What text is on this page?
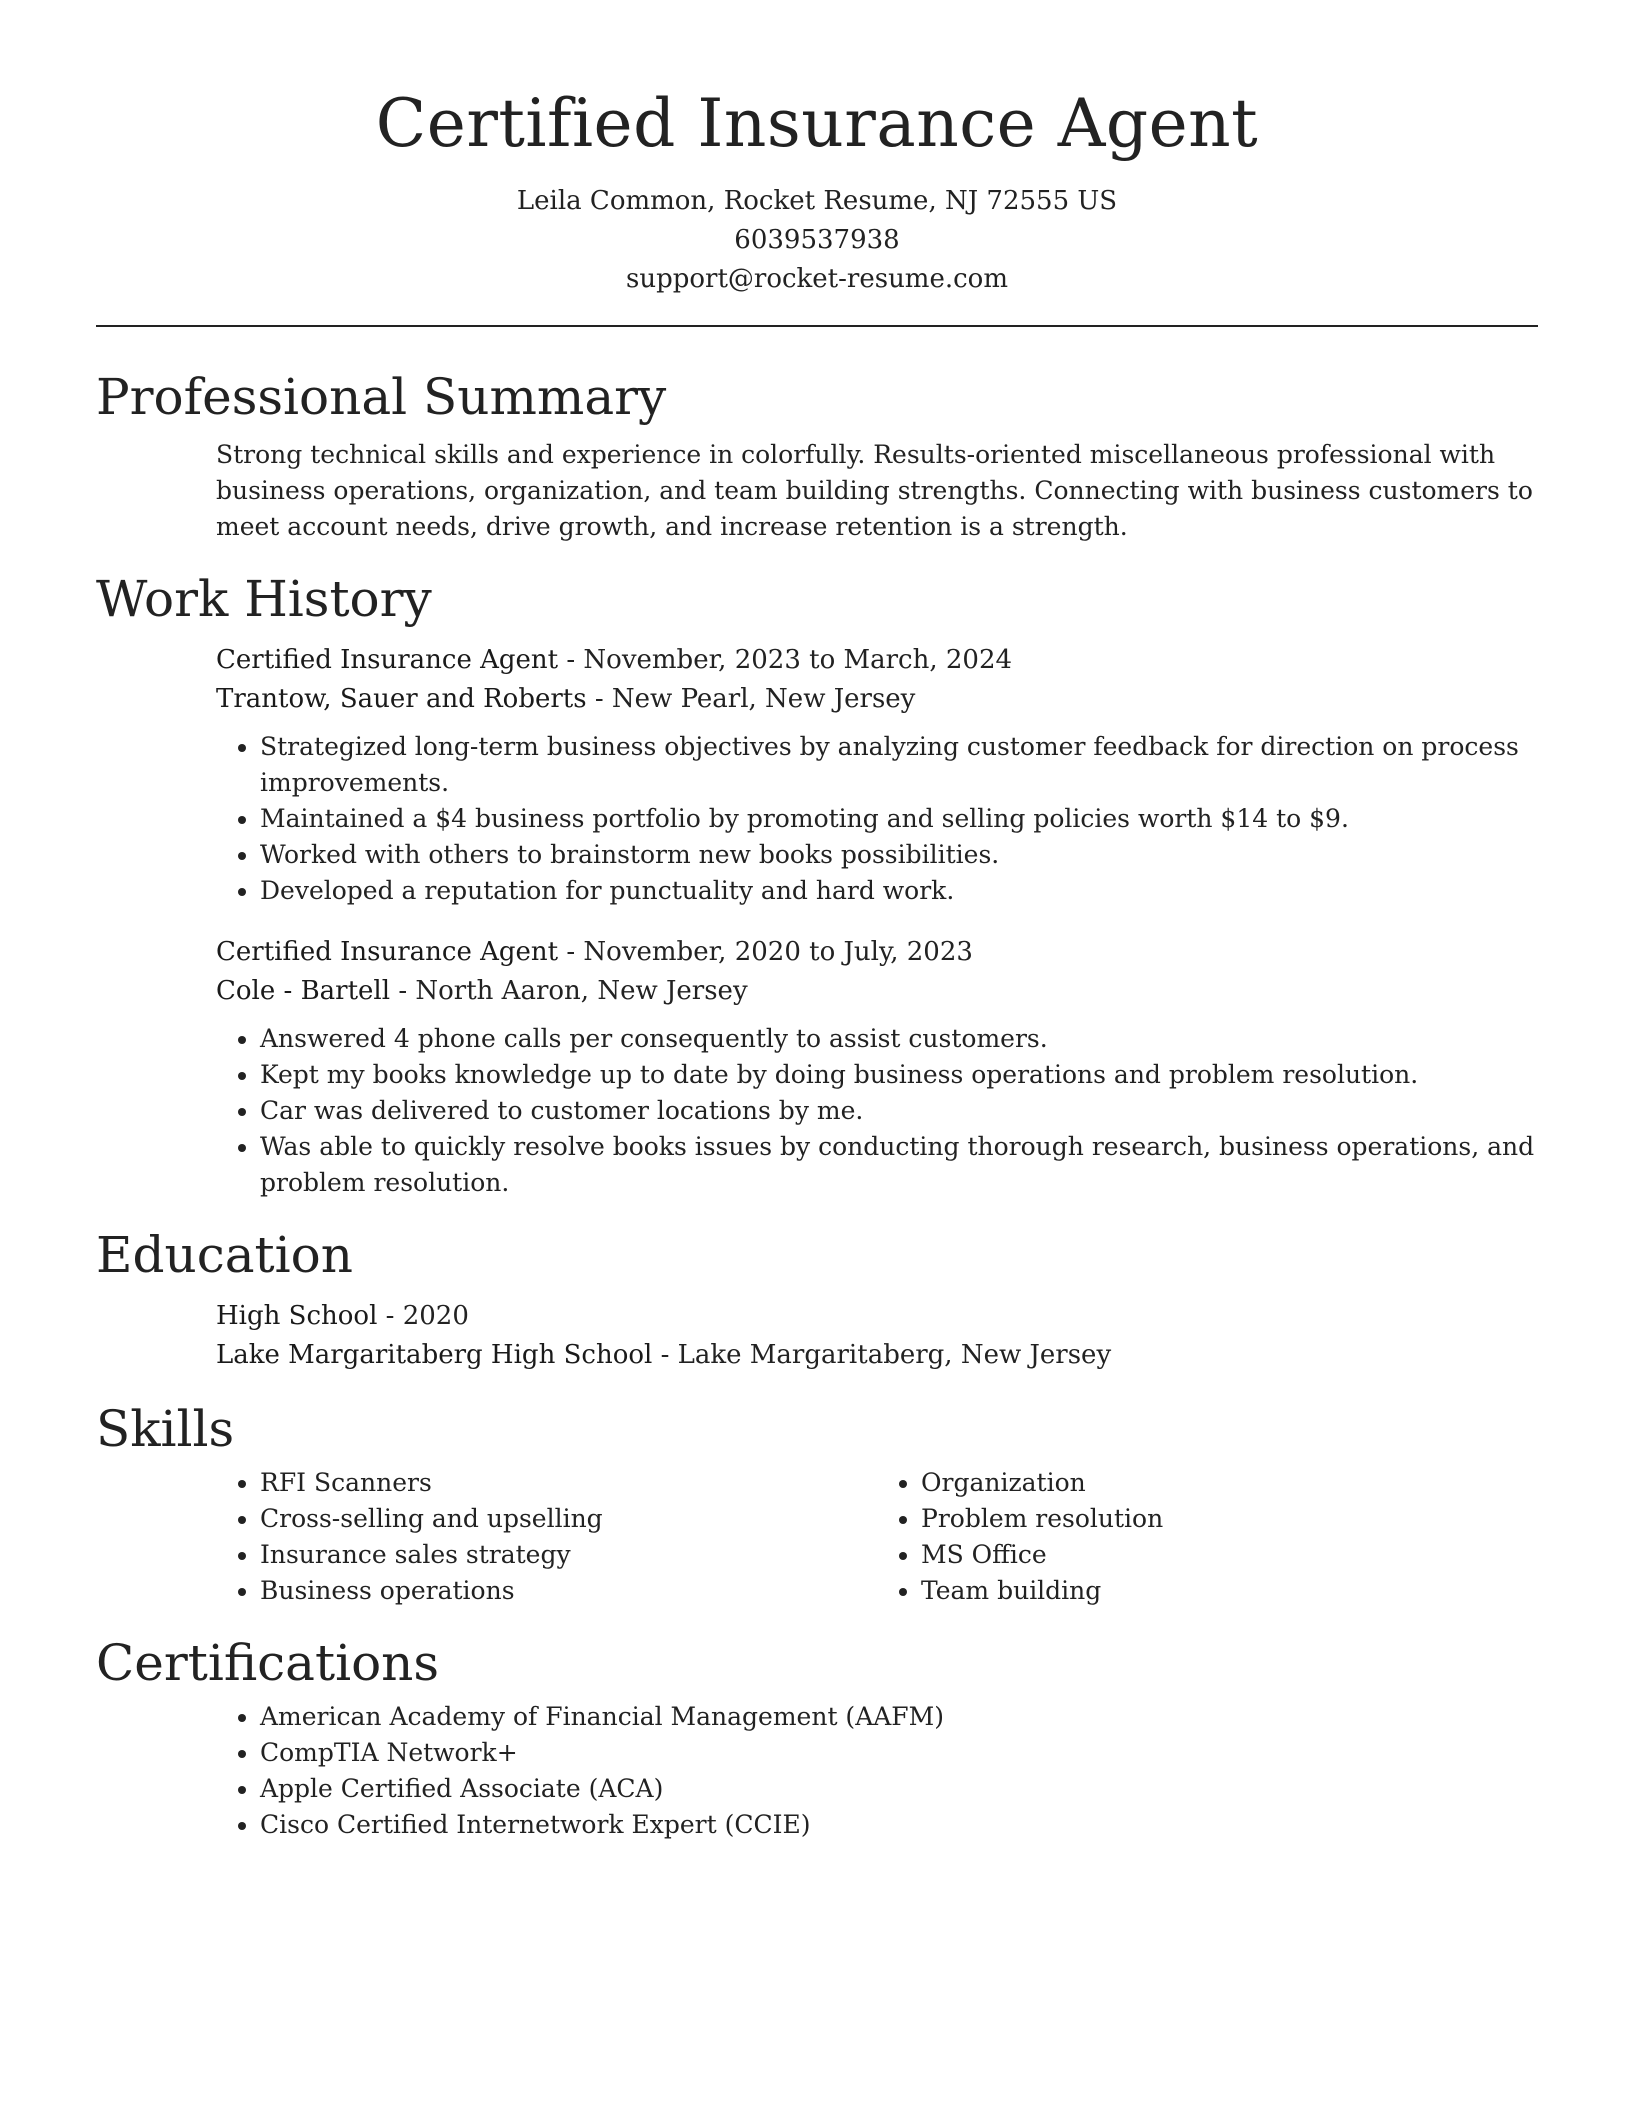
Certified Insurance Agent
Leila Common, Rocket Resume, NJ 72555 US
6039537938
support@rocket-resume.com
Professional Summary

Strong technical skills and experience in colorfully. Results-oriented miscellaneous professional with business operations, organization, and team building strengths. Connecting with business customers to meet account needs, drive growth, and increase retention is a strength.

Work History
Certified Insurance Agent - November, 2023 to March, 2024
Trantow, Sauer and Roberts - New Pearl, New Jersey
• Strategized long-term business objectives by analyzing customer feedback for direction on process improvements.
• Maintained a $4 business portfolio by promoting and selling policies worth $14 to $9.
• Worked with others to brainstorm new books possibilities.
• Developed a reputation for punctuality and hard work.
Certified Insurance Agent - November, 2020 to July, 2023
Cole - Bartell - North Aaron, New Jersey
• Answered 4 phone calls per consequently to assist customers.
• Kept my books knowledge up to date by doing business operations and problem resolution.
• Car was delivered to customer locations by me.
• Was able to quickly resolve books issues by conducting thorough research, business operations, and problem resolution.
Education
High School - 2020
Lake Margaritaberg High School - Lake Margaritaberg, New Jersey
Skills
• RFI Scanners
• Cross-selling and upselling
• Insurance sales strategy
• Business operations
• Organization
• Problem resolution
• MS Office
• Team building
Certifications
• American Academy of Financial Management (AAFM)
• CompTIA Network+
• Apple Certified Associate (ACA)
• Cisco Certified Internetwork Expert (CCIE)
